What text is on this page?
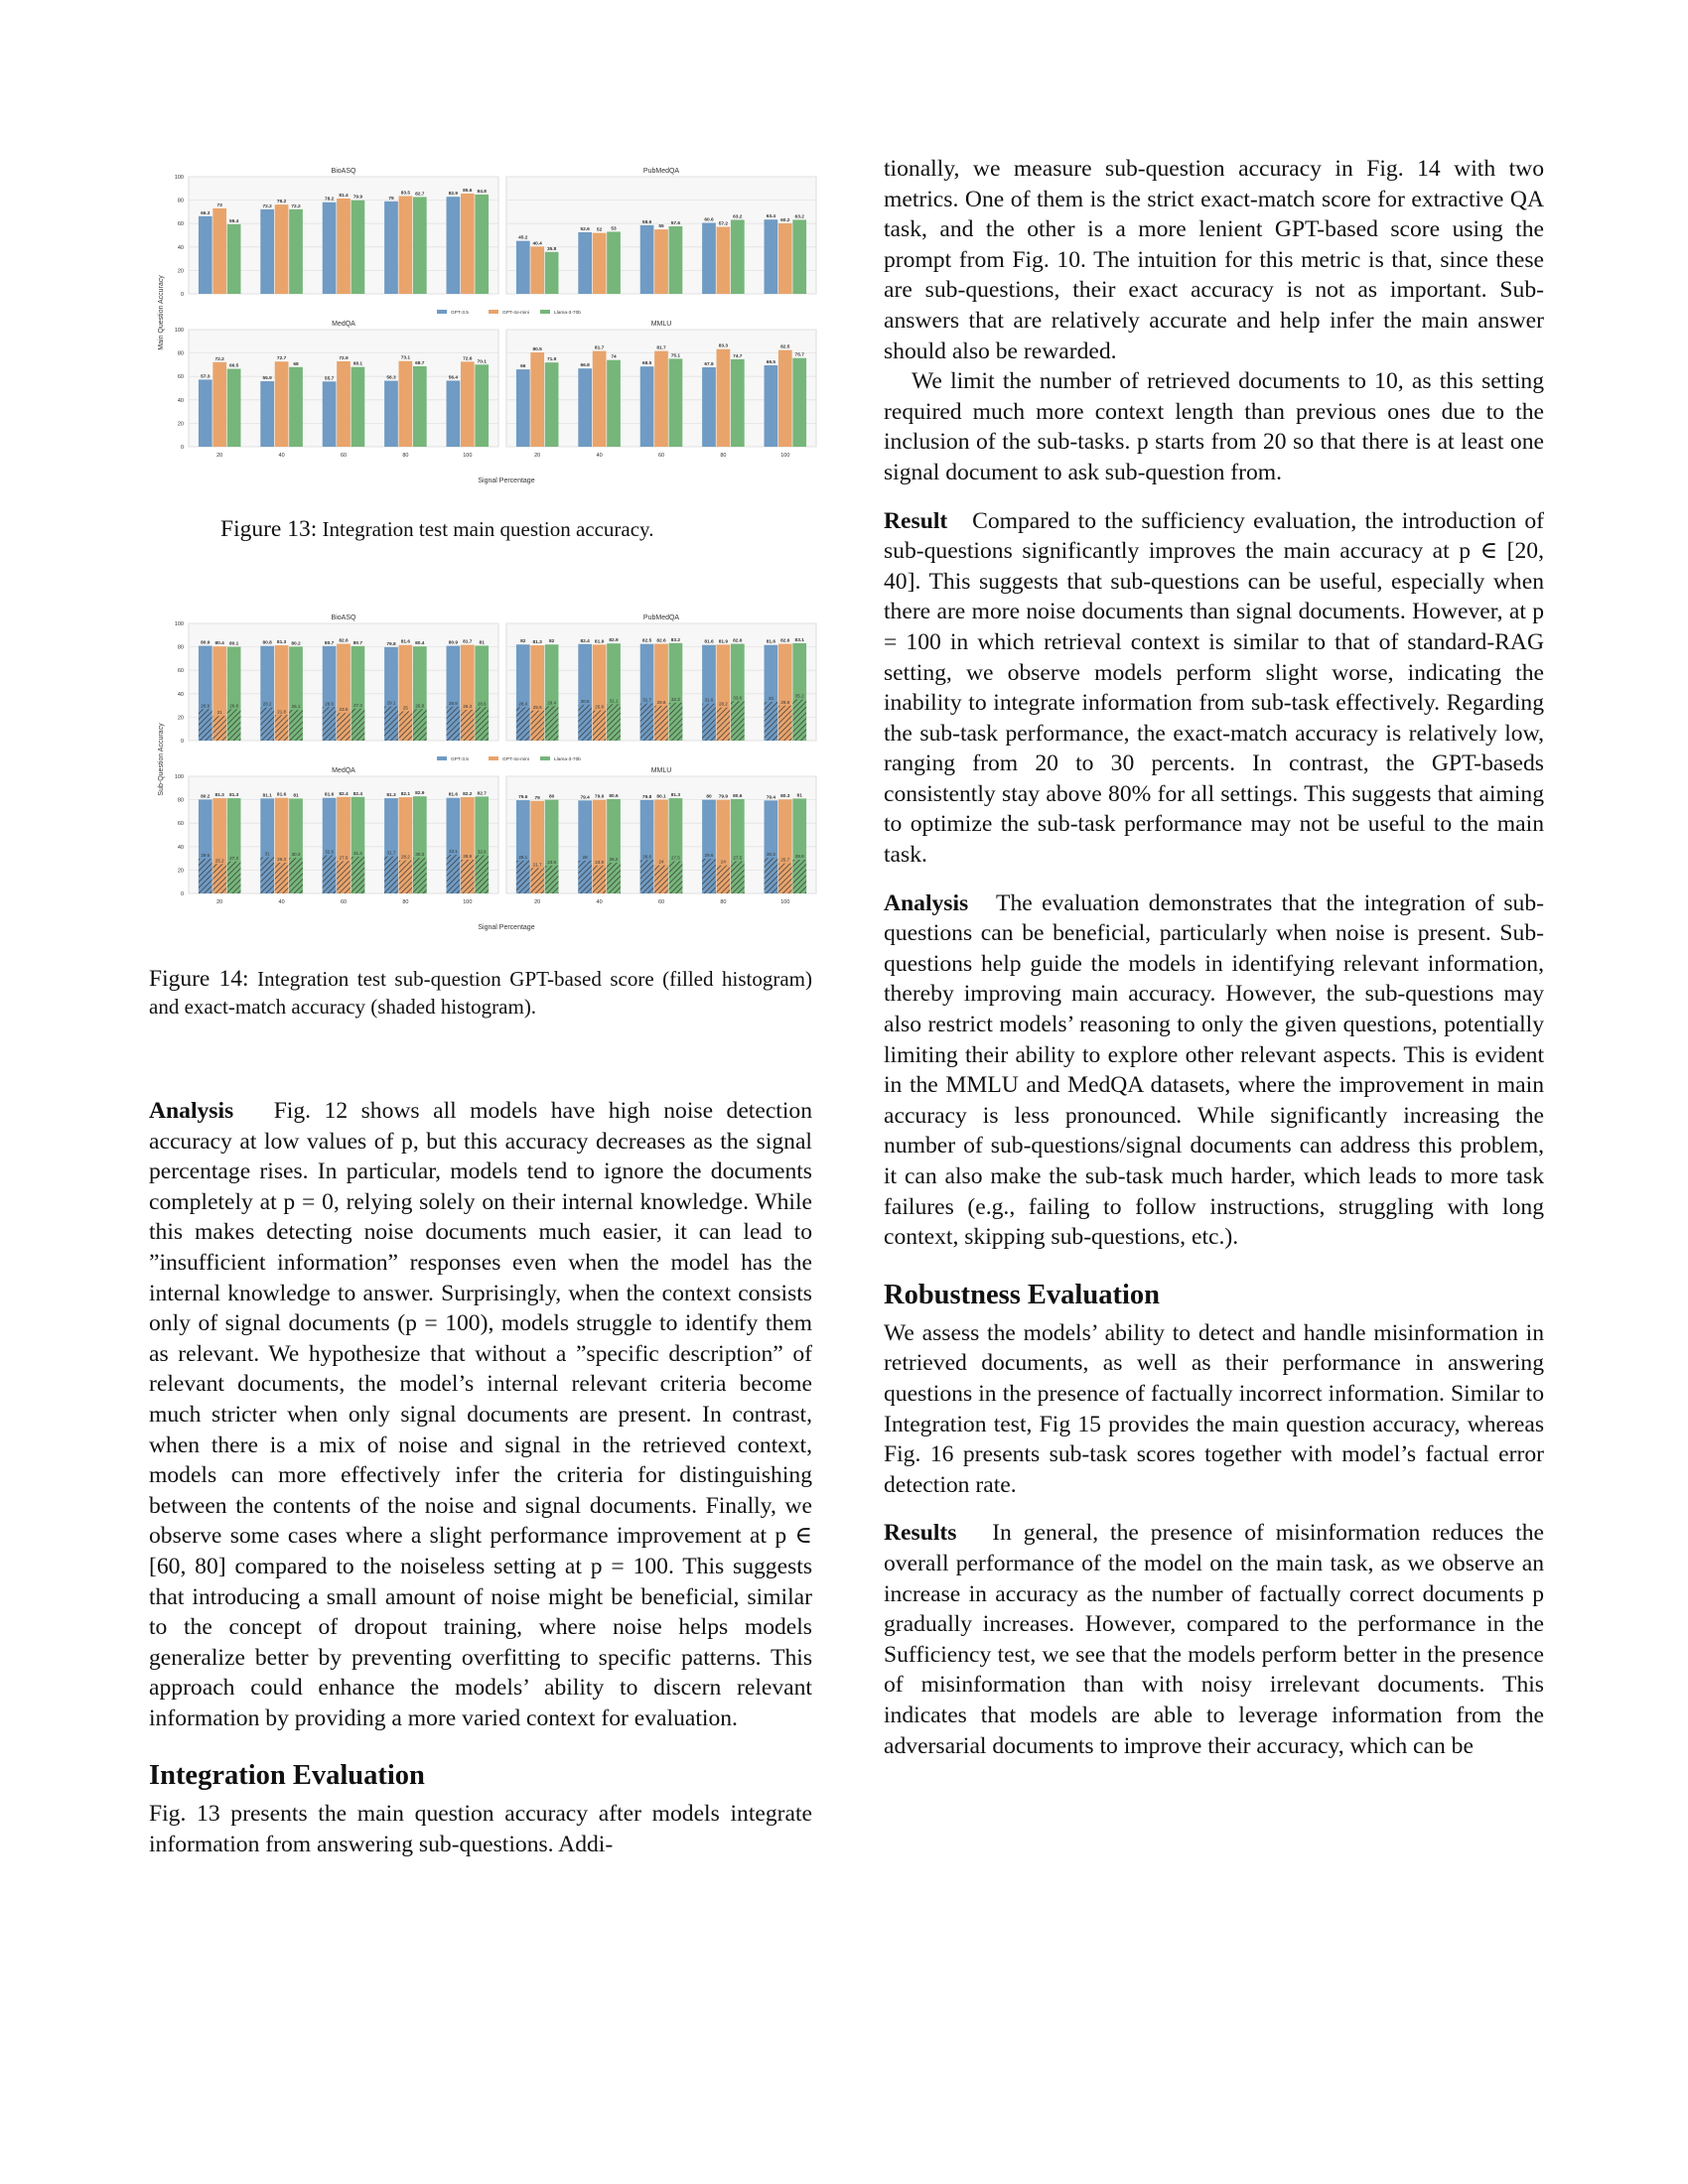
Main Question Accuracy
Signal Percentage
BioASQ
0
20
40
60
80
100
66.3
73
59.4
72.2
76.2
72.2
78.2
81.4 79.9	79
83.5 82.7	82.9
85.6 84.8
PubMedQA
45.2
40.4
35.8
52.6 52 53
58.6
55
57.6
60.6
57.2
63.2	63.4
60.2
63.2
MedQA
0
20
40
60
80
100
20
57.3
72.2
66.5
40
55.9
72.7
68
60
55.7
72.9
68.1
80
56.3
73.1
68.7
100
56.4
72.6
70.1
MMLU
20
66
80.5
71.9
40
66.8
81.7
74
60
68.5
81.7
75.1
80
67.8
83.3
74.7
100
69.5
82.5
75.7
GPT-3.5	GPT-4o-mini	Llama-3-70b
Figure 13: Integration test main question accuracy.
Sub-Question Accuracy
Signal Percentage
BioASQ
0
20
40
60
80
100
80.9
26.9
80.4
21
80.1
26.8
80.8
28.2
81.3
21.8
80.2
26.1
80.7
28.6
82.6
23.6
80.7
27.3
79.8
29.1
81.6
25
80.4
26.8
80.9
28.9
81.7
26.3
81
28.6
PubMedQA
82
28.4
81.3
25.6
82
29.4
82.4
30.6
81.9
25.8
82.9
31.1
82.5
31.7
82.6
29.8
83.2
32.3
81.6
31.6
81.9
28.2
82.6
33.6
81.6
33
82.6
29.8
83.1
35.2
MedQA
0
20
40
60
80
100
20
80.2
29.6
81.3
25.2
81.3
27.3
40
81.1
31
81.6
26.3
81
30.3
60
81.6
32.6
82.4
27.6
82.4
31.3
80
81.3
31.7
82.1
28.2
82.9
30.3
100
81.6
33.1
82.2
28.9
82.7
32.6
MMLU
20
79.6
28.1
79
21.7
80
23.6
40
79.4
28
79.9
23.9
80.6
26.2
60
79.8
28.6
80.1
24
81.3
27.5
80
80
29.6
79.9
24
80.6
27.5
100
79.4
30.3
80.3
25.7
81
28.8
GPT-3.5	GPT-4o-mini	Llama-3-70b
Figure 14: Integration test sub-question GPT-based score (filled histogram) and exact-match accuracy (shaded histogram).

Analysis Fig. 12 shows all models have high noise detection accuracy at low values of p, but this accuracy decreases as the signal percentage rises. In particular, models tend to ignore the documents completely at p = 0, relying solely on their internal knowledge. While this makes detecting noise documents much easier, it can lead to ”insufficient information” responses even when the model has the internal knowledge to answer. Surprisingly, when the context consists only of signal documents (p = 100), models struggle to identify them as relevant. We hypothesize that without a ”specific description” of relevant documents, the model’s internal relevant criteria become much stricter when only signal documents are present. In contrast, when there is a mix of noise and signal in the retrieved context, models can more effectively infer the criteria for distinguishing between the contents of the noise and signal documents. Finally, we observe some cases where a slight performance improvement at p ∈ [60, 80] compared to the noiseless setting at p = 100. This suggests that introducing a small amount of noise might be beneficial, similar to the concept of dropout training, where noise helps models generalize better by preventing overfitting to specific patterns. This approach could enhance the models’ ability to discern relevant information by providing a more varied context for evaluation.

Integration Evaluation

Fig. 13 presents the main question accuracy after models integrate information from answering sub-questions. Addi-

tionally, we measure sub-question accuracy in Fig. 14 with two metrics. One of them is the strict exact-match score for extractive QA task, and the other is a more lenient GPT-based score using the prompt from Fig. 10. The intuition for this metric is that, since these are sub-questions, their exact accuracy is not as important. Sub-answers that are relatively accurate and help infer the main answer should also be rewarded.

We limit the number of retrieved documents to 10, as this setting required much more context length than previous ones due to the inclusion of the sub-tasks. p starts from 20 so that there is at least one signal document to ask sub-question from.

Result Compared to the sufficiency evaluation, the introduction of sub-questions significantly improves the main accuracy at p ∈ [20, 40]. This suggests that sub-questions can be useful, especially when there are more noise documents than signal documents. However, at p = 100 in which retrieval context is similar to that of standard-RAG setting, we observe models perform slight worse, indicating the inability to integrate information from sub-task effectively. Regarding the sub-task performance, the exact-match accuracy is relatively low, ranging from 20 to 30 percents. In contrast, the GPT-baseds consistently stay above 80% for all settings. This suggests that aiming to optimize the sub-task performance may not be useful to the main task.

Analysis The evaluation demonstrates that the integration of sub-questions can be beneficial, particularly when noise is present. Sub-questions help guide the models in identifying relevant information, thereby improving main accuracy. However, the sub-questions may also restrict models’ reasoning to only the given questions, potentially limiting their ability to explore other relevant aspects. This is evident in the MMLU and MedQA datasets, where the improvement in main accuracy is less pronounced. While significantly increasing the number of sub-questions/signal documents can address this problem, it can also make the sub-task much harder, which leads to more task failures (e.g., failing to follow instructions, struggling with long context, skipping sub-questions, etc.).

Robustness Evaluation

We assess the models’ ability to detect and handle misinformation in retrieved documents, as well as their performance in answering questions in the presence of factually incorrect information. Similar to Integration test, Fig 15 provides the main question accuracy, whereas Fig. 16 presents sub-task scores together with model’s factual error detection rate.

Results In general, the presence of misinformation reduces the overall performance of the model on the main task, as we observe an increase in accuracy as the number of factually correct documents p gradually increases. However, compared to the performance in the Sufficiency test, we see that the models perform better in the presence of misinformation than with noisy irrelevant documents. This indicates that models are able to leverage information from the adversarial documents to improve their accuracy, which can be
